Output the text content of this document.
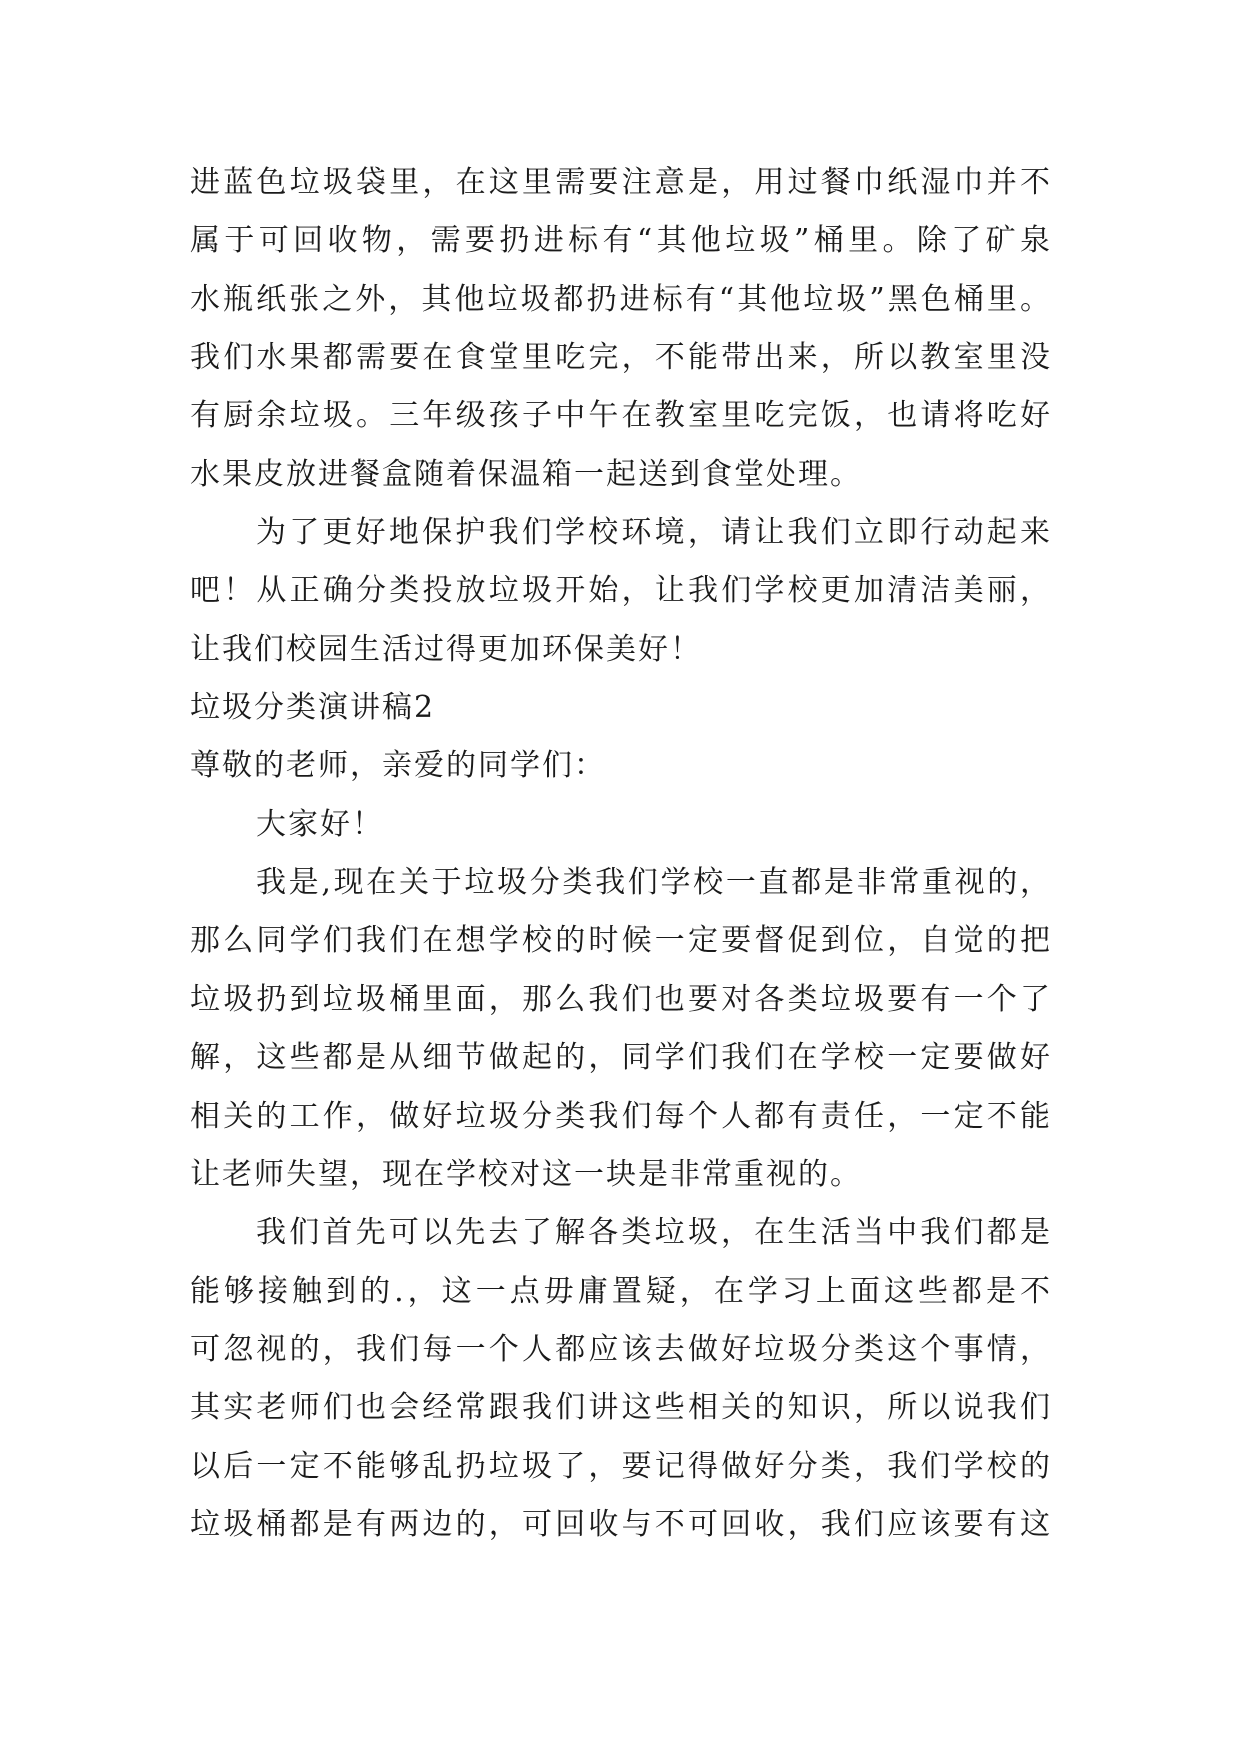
进蓝色垃圾袋里，在这里需要注意是，用过餐巾纸湿巾并不
属于可回收物，需要扔进标有“其他垃圾”桶里。除了矿泉
水瓶纸张之外，其他垃圾都扔进标有“其他垃圾”黑色桶里。
我们水果都需要在食堂里吃完，不能带出来，所以教室里没
有厨余垃圾。三年级孩子中午在教室里吃完饭，也请将吃好
水果皮放进餐盒随着保温箱一起送到食堂处理。
为了更好地保护我们学校环境，请让我们立即行动起来
吧！从正确分类投放垃圾开始，让我们学校更加清洁美丽，
让我们校园生活过得更加环保美好！
垃圾分类演讲稿2
尊敬的老师，亲爱的同学们：
大家好！
我是,现在关于垃圾分类我们学校一直都是非常重视的，
那么同学们我们在想学校的时候一定要督促到位，自觉的把
垃圾扔到垃圾桶里面，那么我们也要对各类垃圾要有一个了
解，这些都是从细节做起的，同学们我们在学校一定要做好
相关的工作，做好垃圾分类我们每个人都有责任，一定不能
让老师失望，现在学校对这一块是非常重视的。
我们首先可以先去了解各类垃圾，在生活当中我们都是
能够接触到的.，这一点毋庸置疑，在学习上面这些都是不
可忽视的，我们每一个人都应该去做好垃圾分类这个事情，
其实老师们也会经常跟我们讲这些相关的知识，所以说我们
以后一定不能够乱扔垃圾了，要记得做好分类，我们学校的
垃圾桶都是有两边的，可回收与不可回收，我们应该要有这
